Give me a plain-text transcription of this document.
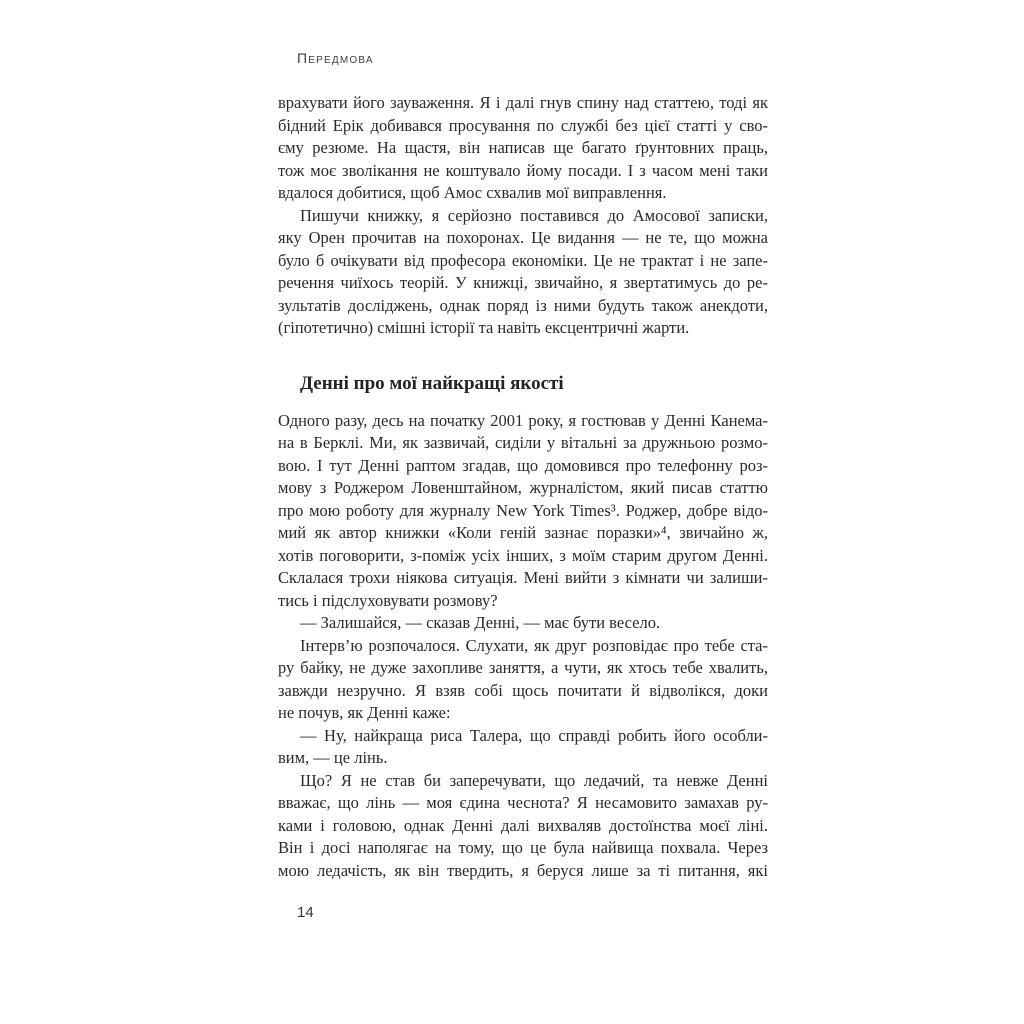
Передмова
врахувати його зауваження. Я і далі гнув спину над статтею, тоді як
бідний Ерік добивався просування по службі без цієї статті у сво-
єму резюме. На щастя, він написав ще багато ґрунтовних праць,
тож моє зволікання не коштувало йому посади. І з часом мені таки
вдалося добитися, щоб Амос схвалив мої виправлення.
Пишучи книжку, я серйозно поставився до Амосової записки,
яку Орен прочитав на похоронах. Це видання — не те, що можна
було б очікувати від професора економіки. Це не трактат і не запе-
речення чиїхось теорій. У книжці, звичайно, я звертатимусь до ре-
зультатів досліджень, однак поряд із ними будуть також анекдоти,
(гіпотетично) смішні історії та навіть ексцентричні жарти.
Денні про мої найкращі якості
Одного разу, десь на початку 2001 року, я гостював у Денні Канема-
на в Берклі. Ми, як зазвичай, сиділи у вітальні за дружньою розмо-
вою. І тут Денні раптом згадав, що домовився про телефонну роз-
мову з Роджером Ловенштайном, журналістом, який писав статтю
про мою роботу для журналу New York Times³. Роджер, добре відо-
мий як автор книжки «Коли геній зазнає поразки»⁴, звичайно ж,
хотів поговорити, з-поміж усіх інших, з моїм старим другом Денні.
Склалася трохи ніякова ситуація. Мені вийти з кімнати чи залиши-
тись і підслуховувати розмову?
— Залишайся, — сказав Денні, — має бути весело.
Інтерв’ю розпочалося. Слухати, як друг розповідає про тебе ста-
ру байку, не дуже захопливе заняття, а чути, як хтось тебе хвалить,
завжди незручно. Я взяв собі щось почитати й відволікся, доки
не почув, як Денні каже:
— Ну, найкраща риса Талера, що справді робить його особли-
вим, — це лінь.
Що? Я не став би заперечувати, що ледачий, та невже Денні
вважає, що лінь — моя єдина чеснота? Я несамовито замахав ру-
ками і головою, однак Денні далі вихваляв достоїнства моєї ліні.
Він і досі наполягає на тому, що це була найвища похвала. Через
мою ледачість, як він твердить, я беруся лише за ті питання, які
14
